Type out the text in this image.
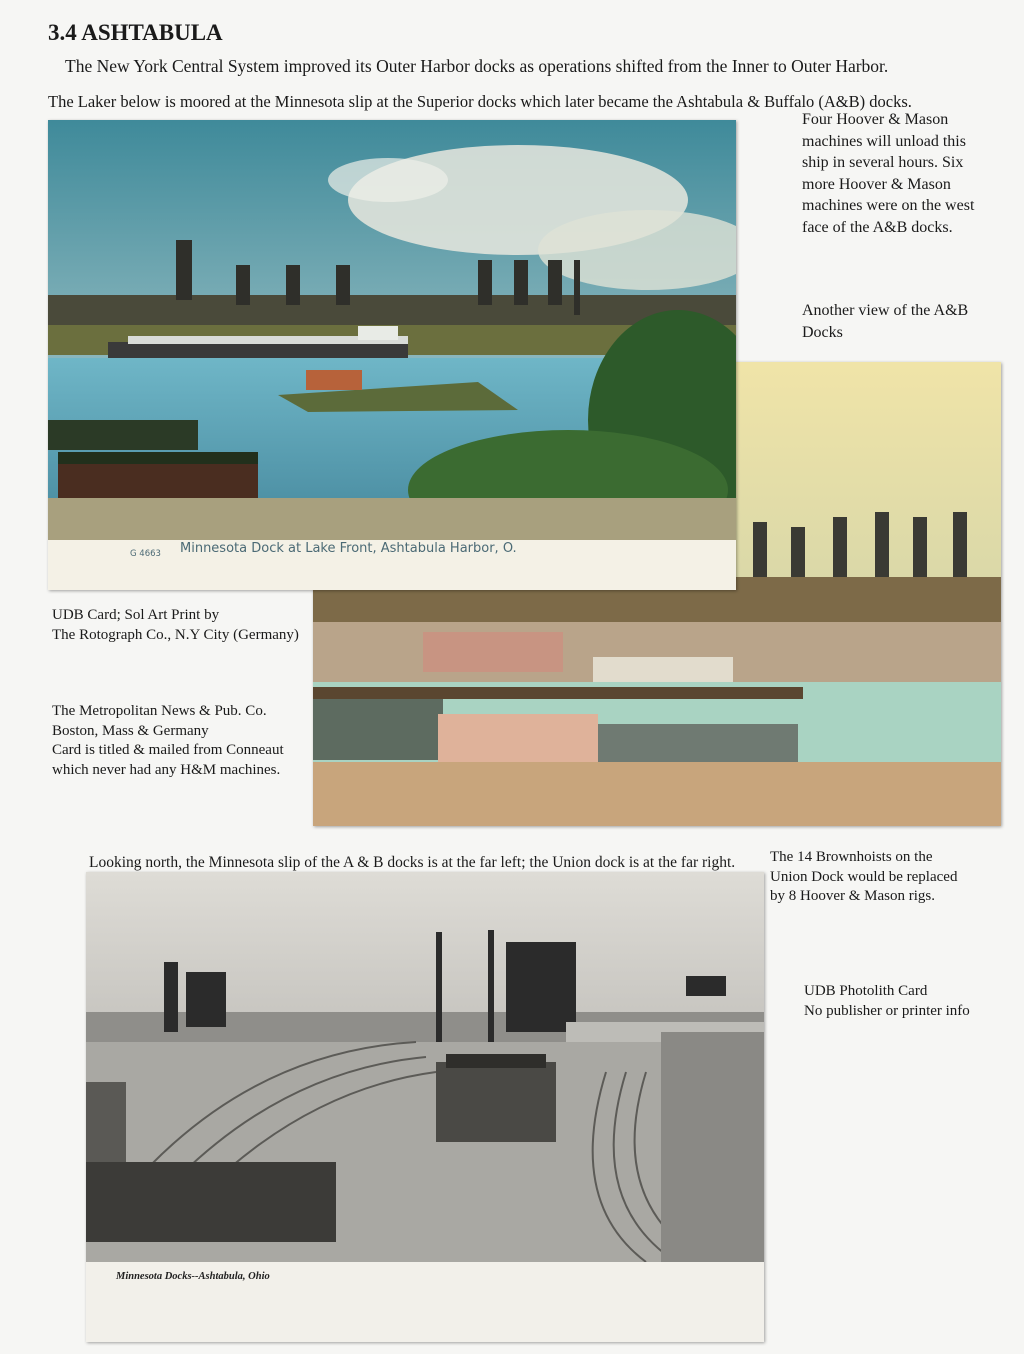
3.4 ASHTABULA

The New York Central System improved its Outer Harbor docks as operations shifted from the Inner to Outer Harbor.

The Laker below is moored at the Minnesota slip at the Superior docks which later became the Ashtabula & Buffalo (A&B) docks.

G 4663 Minnesota Dock at Lake Front, Ashtabula Harbor, O.
Four Hoover & Mason
machines will unload this
ship in several hours. Six
more Hoover & Mason
machines were on the west
face of the A&B docks.
Another view of the A&B
Docks
UDB Card; Sol Art Print by
The Rotograph Co., N.Y City (Germany)
The Metropolitan News & Pub. Co.
Boston, Mass & Germany
Card is titled & mailed from Conneaut
which never had any H&M machines.

Looking north, the Minnesota slip of the A & B docks is at the far left; the Union dock is at the far right. The 14 Brownhoists on the
Union Dock would be replaced
by 8 Hoover & Mason rigs.
UDB Photolith Card
No publisher or printer info
Minnesota Docks--Ashtabula, Ohio
